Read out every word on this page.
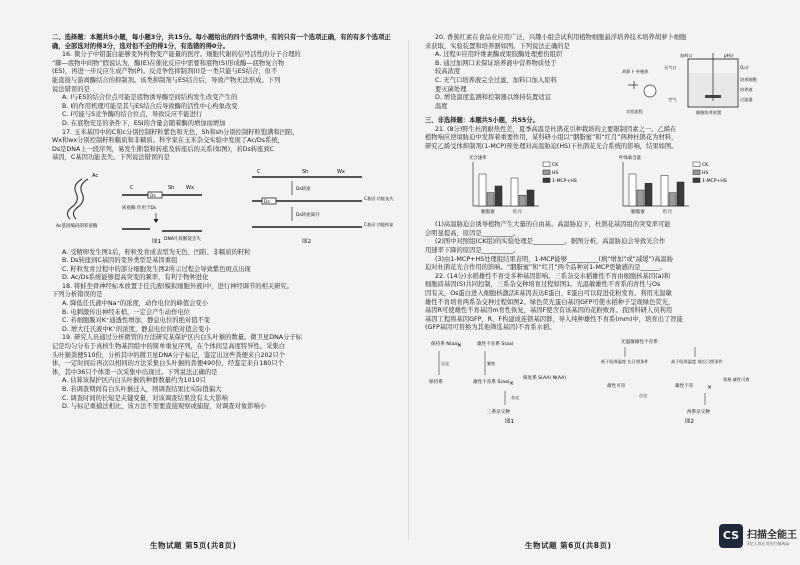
二、选择题：本题共5小题，每小题3分，共15分。每小题给出的四个选项中，有的只有一个选项正确，有的有多个选项正确，全部选对的得3分，选对但不全的得1分，有选错的得0分。

16. 微分子中钼蛋白能够变异构物变产能量的医疗。细胞代谢的信号活性的分子合理的

“脚—底物中间物”假说认为，酶(E)在催化反应中需要和底物(S)形成酶—底物复合物

(ES)，再进一步反应生成产物(P)。反竞争性抑制剂(I)是一类只能与ES结合，但不

能直接与游离酶结合的抑制剂。该类抑制剂与ES结合后，导致产物无法形成。下列

说法错误的是

A. I与ES的结合位点可能是底物诱导酶空间结构发生改变产生的

B. I的作用机理可能是其与ES结合后导致酶的活性中心构象改变

C. I可能与S竞争酶的结合位点，导致反应不能进行

D. 在底物充足的条件下，ESI的含量会随着酶的增加而增加

17. 玉米基因中的C和c分别控制籽粒紫色和无色，Sh和sh分别控制籽粒饱满和凹陷，

Wx和wx分别控制籽粒糯质和非糯质。科学家在玉米杂交实验中发现了Ac/Ds系统，

Ds是DNA上一段序列，易发生断裂和转座及转座后的关系(如图)，若Ds转座到C

基因，C基因功能丧失。下列说法错误的是

Ac
Ac基因编码的转座酶
Ds
C	Sh Wx
转座酶 作用于Ds
DNA片段断裂丢失
图1
C	Sh	Wx
Ds转座
Ds
C基因 功能丧失
Ds转座离开
C基因 功能恢复
图2

A. 受精卵发生图1后，籽粒发育成表型为无色、凹陷、非糯质的籽粒

B. Ds转座到C基因的变异类型是基因重组

C. 籽粒发育过程中的部分细胞发生图2所示过程会导致紫色斑点出现

D. Ac/Ds系统能够提高突变的频率，有利于物种进化

18. 将蛙坐骨神经标本放置于任氏液(模拟细胞外液)中，进行神经调节的相关研究。

下列分析错误的是

A. 降低任氏液中Na⁺的浓度，动作电位的峰值会变小

B. 电刺激传出神经末梢，一定会产生动作电位

C. 若细胞膜对K⁺通透性增加，静息电位的绝对值不变

D. 增大任氏液中K⁺的浓度，静息电位的绝对值会变小

19. 研究人员通过分析微管的方法研究某保护区内白头叶猴的数量。微卫星DNA分子标

记是均匀分布于真核生物基因组中的简单重复序列，在个体间呈高度特异性。采集白

头叶猴粪便510份，分析其中的微卫星DNA分子标记，鉴定出这些粪便来自202只个

体，一定时间后再次以相同的方法采集白头叶猴的粪便490份，经鉴定来自180只个

体，其中36只个体第一次采集中出现过。下列说法正确的是

A. 估算该保护区内白头叶猴的种群数量约为1010只

B. 若调查期间有白头叶猴迁入，则调查结果比实际值偏大

C. 调查时间的长短是关键变量，对该调查结果没有太大影响

D. 与标记重捕法相比，该方法不需要直接观察或捕捉，对调查对象影响小

20. 香蕉红素在食品业应用广泛，兴趣小组尝试利用植物细胞悬浮培养技术培养胡萝卜细胞

来获取，实验装置和培养器如图。下列说法正确的是

A. 过程①应用纤维素酶或果胶酶处理愈伤组织

B. 通过加网口来保证培养液中营养物质处于

较高浓度

C. 无气口培养液完全过滤，加料口加入原料

要灭菌处理

D. 增设温度监测和控制器以维持装置适宜

温度

胡萝卜 外植体
实验流程
加料口	pH计
O₂计
培养细胞
培养液
过滤器
无气口
空气
细胞培养装置

三、非选择题：本题共5小题，共55分。

21. (8分)野生杜鹃耐热性差，夏季高温是杜鹃花引种栽培的主要限制因素之一。乙烯在

植物响应逆境胁迫中发挥着重要作用，某科研小组以“胭脂蜜”和“红月”两种杜鹃花为材料，

研究乙烯受体抑制剂(1-MCP)预处理对高温胁迫(HS)下杜鹃花光合系统的影响，结果如图。

光合速率
胭脂蜜	红月
CK
HS
1-MCP+HS
叶绿素含量
胭脂蜜	红月
CK
HS
1-MCP+HS

(1)高温胁迫会诱导植物产生大量的自由基。高温胁迫下，杜鹃花基因组的突变率可能

会明显提高，原因是__________。

(2)图中对照组(CK组)的实验处理是__________。据图分析，高温胁迫会导致光合作

用速率下降的原因是__________。

(3)由1-MCP+HS处理组结果表明，1-MCP能够__________(填“增加”或“减缓”)高温胁

迫对杜鹃花光合作用的影响。“胭脂蜜”和“红月”两个品种对1-MCP更敏感的是______。

22. (14分)水稻雄性不育受多种基因影响。三系杂交水稻雄性不育由细胞核基因(a)和

细胞质基因(S)共同控制，三系杂交种培育过程如图1。光温敏雄性不育系的育性与Os

因有关，Os蛋白进入细胞核激活E基因表达E蛋白，E蛋白可以促进花粉发育。利用光温敏

雄性不育培育两系杂交种过程如图2。绿色荧光蛋白基因GFP可使水稻种子呈现绿色荧光，

基因R可使雄性不育基因m育性恢复，基因F使含有该基因的花粉败育。我国科研人员利用

基因工程将基因GFP、R、F构建成连锁基因群，导入纯种雄性不育系(mm)中，培育出了智能

(GFP基因可替换为其他筛选基因)不育系水稻。

保持系 N(aa)
×	雄性不育系 S(aa)
自交	繁殖
保持系	雄性不育系 S(aa) ×
恢复系 S(AA) N(AA)
杂交
三系杂交种
图1
光温敏雄性不育系
低于临界温度 长日照条件	高于临界温度 或长日照条件
雄性可育	雄性不育 ×
常规 雄性可育
自交
两系杂交种
图2
生物试题 第5页(共8页)	生物试题 第6页(共8页)
CS 扫描全能王
3亿人都在用的扫描App
